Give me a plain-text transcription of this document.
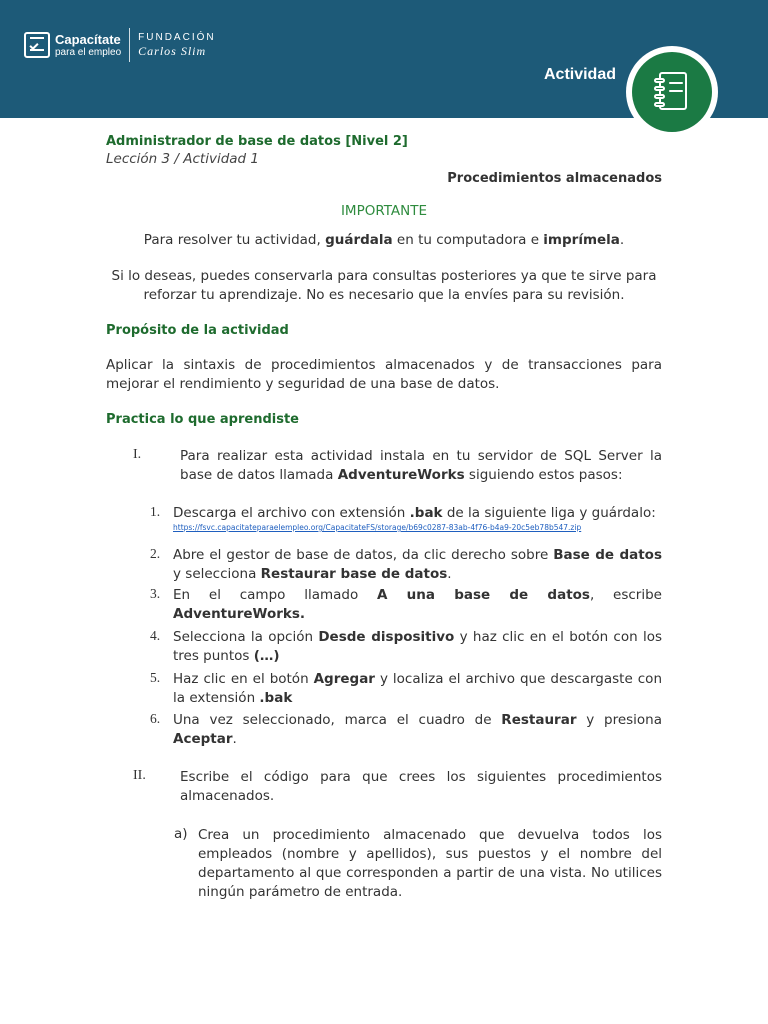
Capacítate
para el empleo
FUNDACIÓN
Carlos Slim
Actividad
Administrador de base de datos [Nivel 2]
Lección 3 / Actividad 1
Procedimientos almacenados
IMPORTANTE

Para resolver tu actividad, guárdala en tu computadora e imprímela.

Si lo deseas, puedes conservarla para consultas posteriores ya que te sirve para reforzar tu aprendizaje. No es necesario que la envíes para su revisión.

Propósito de la actividad

Aplicar la sintaxis de procedimientos almacenados y de transacciones para mejorar el rendimiento y seguridad de una base de datos.

Practica lo que aprendiste
I.	Para realizar esta actividad instala en tu servidor de SQL Server la base de datos llamada AdventureWorks siguiendo estos pasos:
1. Descarga el archivo con extensión .bak de la siguiente liga y guárdalo:
https://fsvc.capacitateparaelempleo.org/CapacitateFS/storage/b69c0287-83ab-4f76-b4a9-20c5eb78b547.zip
2. Abre el gestor de base de datos, da clic derecho sobre Base de datos y selecciona Restaurar base de datos.
3. En el campo llamado A una base de datos, escribe AdventureWorks.
4. Selecciona la opción Desde dispositivo y haz clic en el botón con los tres puntos (…)
5. Haz clic en el botón Agregar y localiza el archivo que descargaste con la extensión .bak
6. Una vez seleccionado, marca el cuadro de Restaurar y presiona Aceptar.
II.	Escribe el código para que crees los siguientes procedimientos almacenados.
a) Crea un procedimiento almacenado que devuelva todos los empleados (nombre y apellidos), sus puestos y el nombre del departamento al que corresponden a partir de una vista. No utilices ningún parámetro de entrada.
